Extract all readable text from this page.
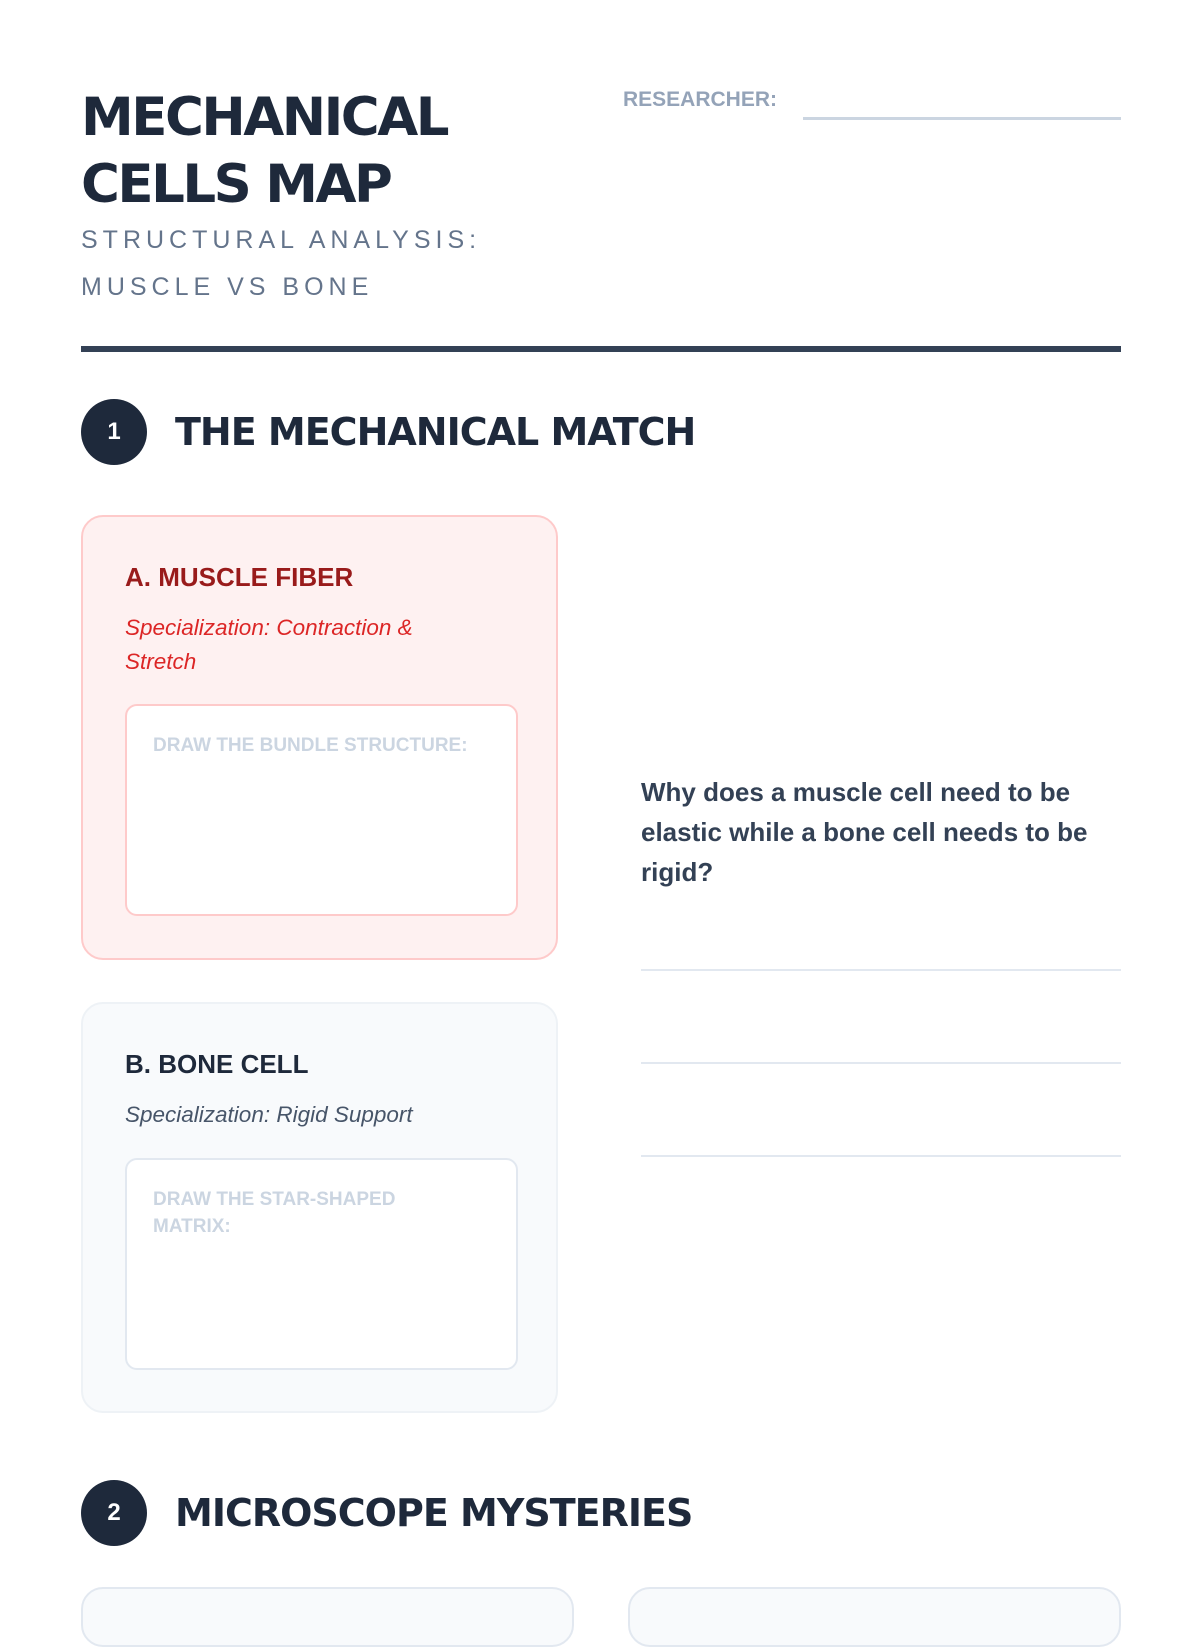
MECHANICAL CELLS MAP
STRUCTURAL ANALYSIS: MUSCLE VS BONE
RESEARCHER:
1	THE MECHANICAL MATCH
A. MUSCLE FIBER
Specialization: Contraction & Stretch
DRAW THE BUNDLE STRUCTURE:
B. BONE CELL
Specialization: Rigid Support
DRAW THE STAR-SHAPED MATRIX:

Why does a muscle cell need to be elastic while a bone cell needs to be rigid?

2	MICROSCOPE MYSTERIES
